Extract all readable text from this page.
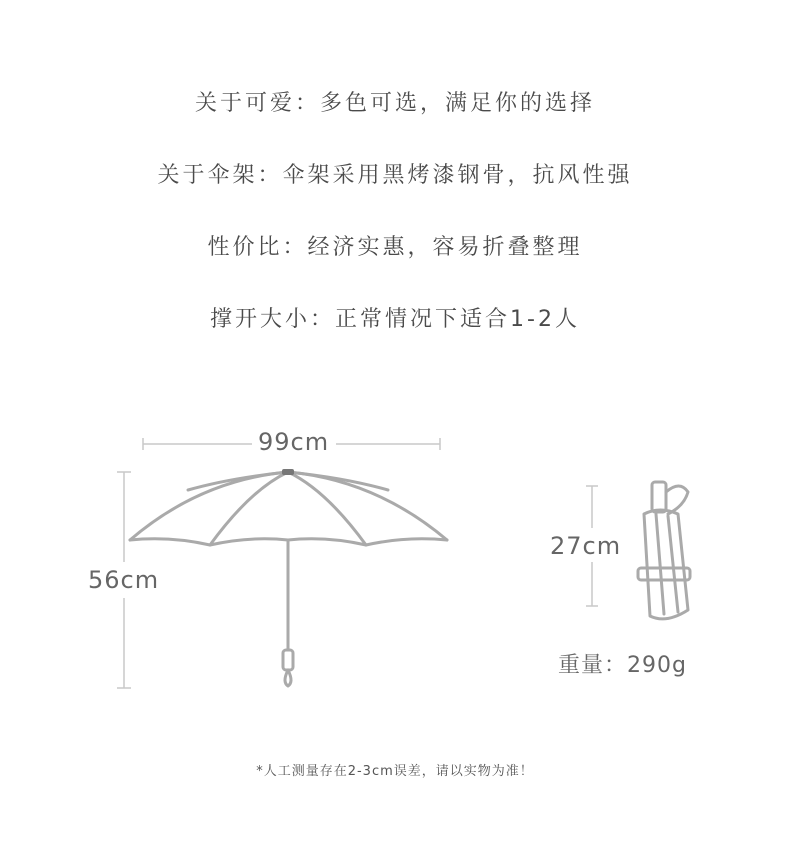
关于可爱：多色可选，满足你的选择
关于伞架：伞架采用黑烤漆钢骨，抗风性强
性价比：经济实惠，容易折叠整理
撑开大小：正常情况下适合1-2人
99cm
56cm
27cm
重量：290g
*人工测量存在2-3cm误差，请以实物为准！
